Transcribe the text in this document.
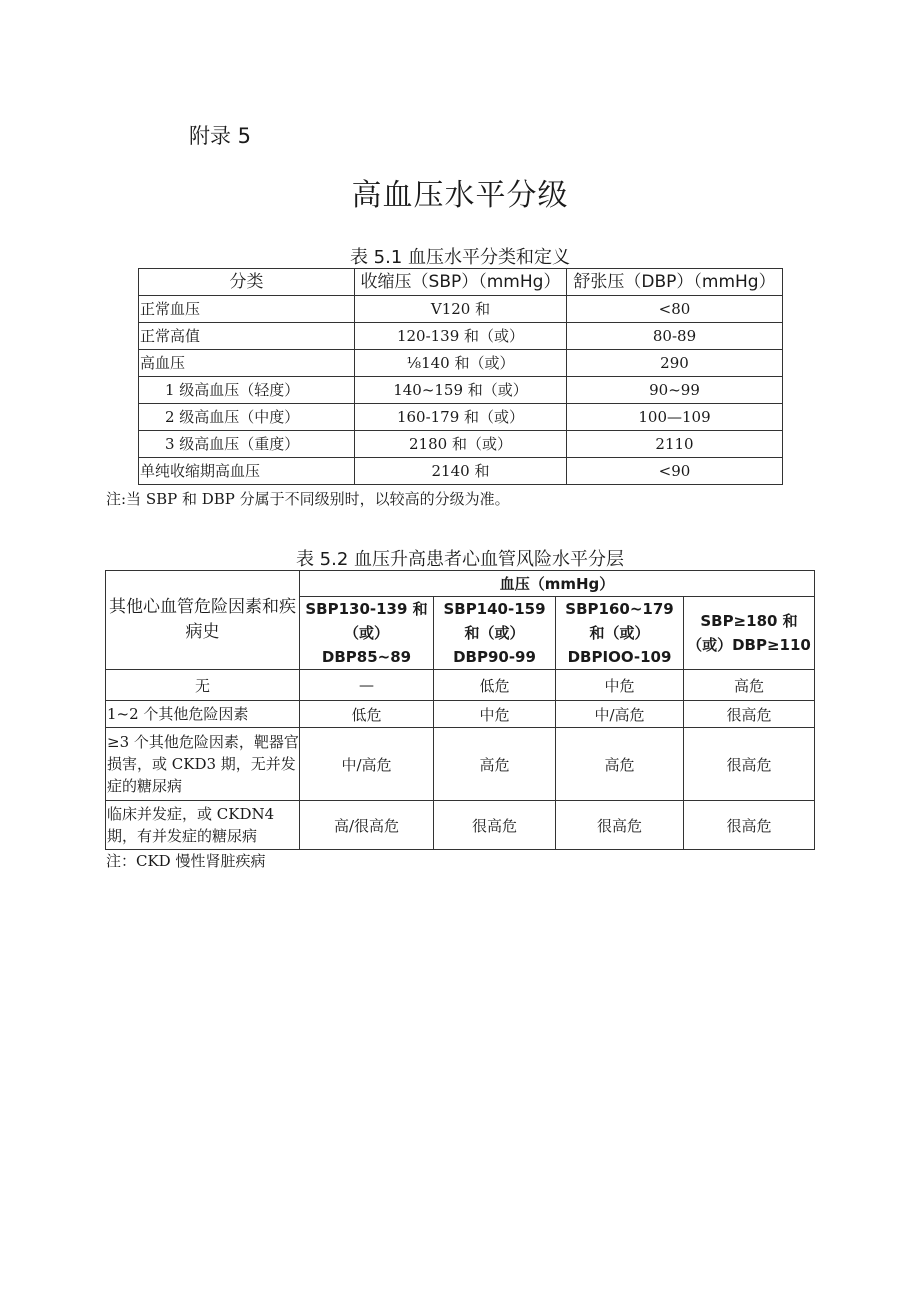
附录 5
高血压水平分级
表 5.1 血压水平分类和定义
分类	收缩压（SBP）（mmHg）	舒张压（DBP）（mmHg）
正常血压	V120 和	<80
正常高值	120-139 和（或）	80-89
高血压	⅛140 和（或）	290
1 级高血压（轻度）	140~159 和（或）	90~99
2 级高血压（中度）	160-179 和（或）	100—109
3 级高血压（重度）	2180 和（或）	2110
单纯收缩期高血压	2140 和	<90
注:当 SBP 和 DBP 分属于不同级别时，以较高的分级为准。
表 5.2 血压升高患者心血管风险水平分层
其他心血管危险因素和疾病史	血压（mmHg）			
	SBP130-139 和（或）DBP85~89	SBP140-159 和（或）DBP90-99	SBP160~179 和（或）DBPIOO-109	SBP≥180 和（或）DBP≥110
无	—	低危	中危	高危
1~2 个其他危险因素	低危	中危	中/高危	很高危
≥3 个其他危险因素，靶器官损害，或 CKD3 期，无并发症的糖尿病	中/高危	高危	高危	很高危
临床并发症，或 CKDN4 期，有并发症的糖尿病	高/很高危	很高危	很高危	很高危
注：CKD 慢性肾脏疾病
